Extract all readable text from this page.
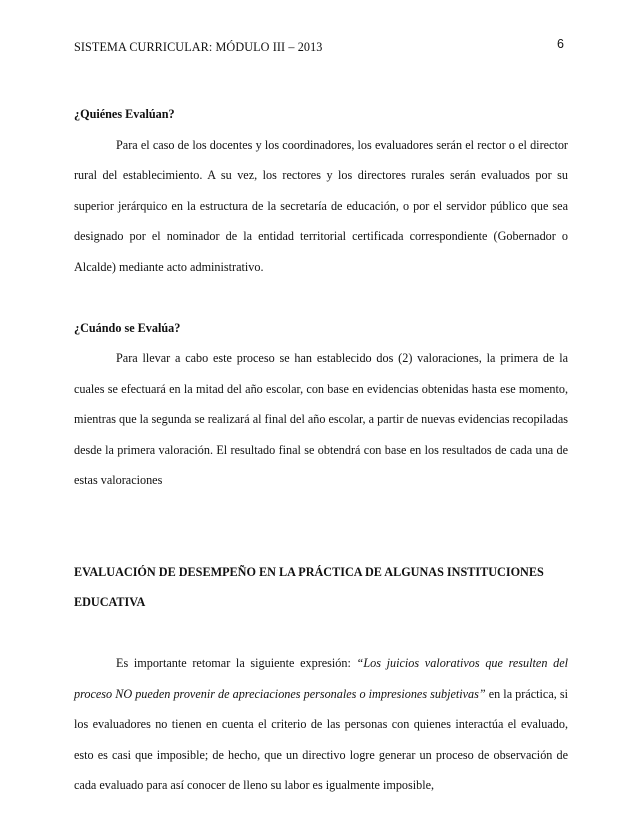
SISTEMA CURRICULAR: MÓDULO III – 2013	6

¿Quiénes Evalúan?

Para el caso de los docentes y los coordinadores, los evaluadores serán el rector o el director rural del establecimiento. A su vez, los rectores y los directores rurales serán evaluados por su superior jerárquico en la estructura de la secretaría de educación, o por el servidor público que sea designado por el nominador de la entidad territorial certificada correspondiente (Gobernador o Alcalde) mediante acto administrativo.

¿Cuándo se Evalúa?

Para llevar a cabo este proceso se han establecido dos (2) valoraciones, la primera de la cuales se efectuará en la mitad del año escolar, con base en evidencias obtenidas hasta ese momento, mientras que la segunda se realizará al final del año escolar, a partir de nuevas evidencias recopiladas desde la primera valoración. El resultado final se obtendrá con base en los resultados de cada una de estas valoraciones

EVALUACIÓN DE DESEMPEÑO EN LA PRÁCTICA DE ALGUNAS INSTITUCIONES EDUCATIVA

Es importante retomar la siguiente expresión: “Los juicios valorativos que resulten del proceso NO pueden provenir de apreciaciones personales o impresiones subjetivas” en la práctica, si los evaluadores no tienen en cuenta el criterio de las personas con quienes interactúa el evaluado, esto es casi que imposible; de hecho, que un directivo logre generar un proceso de observación de cada evaluado para así conocer de lleno su labor es igualmente imposible,
